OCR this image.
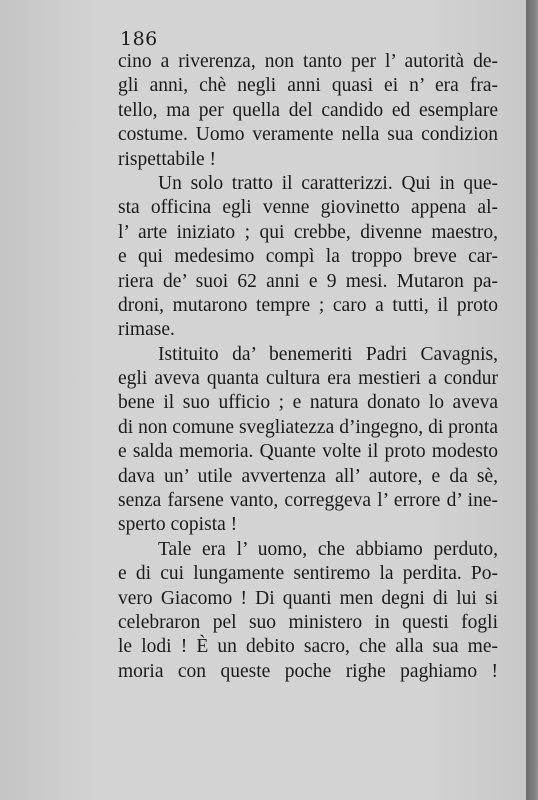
186
cino a riverenza, non tanto per l’ autorità de-
gli anni, chè negli anni quasi ei n’ era fra-
tello, ma per quella del candido ed esemplare
costume. Uomo veramente nella sua condizion
rispettabile !
Un solo tratto il caratterizzi. Qui in que-
sta officina egli venne giovinetto appena al-
l’ arte iniziato ; qui crebbe, divenne maestro,
e qui medesimo compì la troppo breve car-
riera de’ suoi 62 anni e 9 mesi. Mutaron pa-
droni, mutarono tempre ; caro a tutti, il proto
rimase.
Istituito da’ benemeriti Padri Cavagnis,
egli aveva quanta cultura era mestieri a condur
bene il suo ufficio ; e natura donato lo aveva
di non comune svegliatezza d’ingegno, di pronta
e salda memoria. Quante volte il proto modesto
dava un’ utile avvertenza all’ autore, e da sè,
senza farsene vanto, correggeva l’ errore d’ ine-
sperto copista !
Tale era l’ uomo, che abbiamo perduto,
e di cui lungamente sentiremo la perdita. Po-
vero Giacomo ! Di quanti men degni di lui si
celebraron pel suo ministero in questi fogli
le lodi ! È un debito sacro, che alla sua me-
moria con queste poche righe paghiamo !
